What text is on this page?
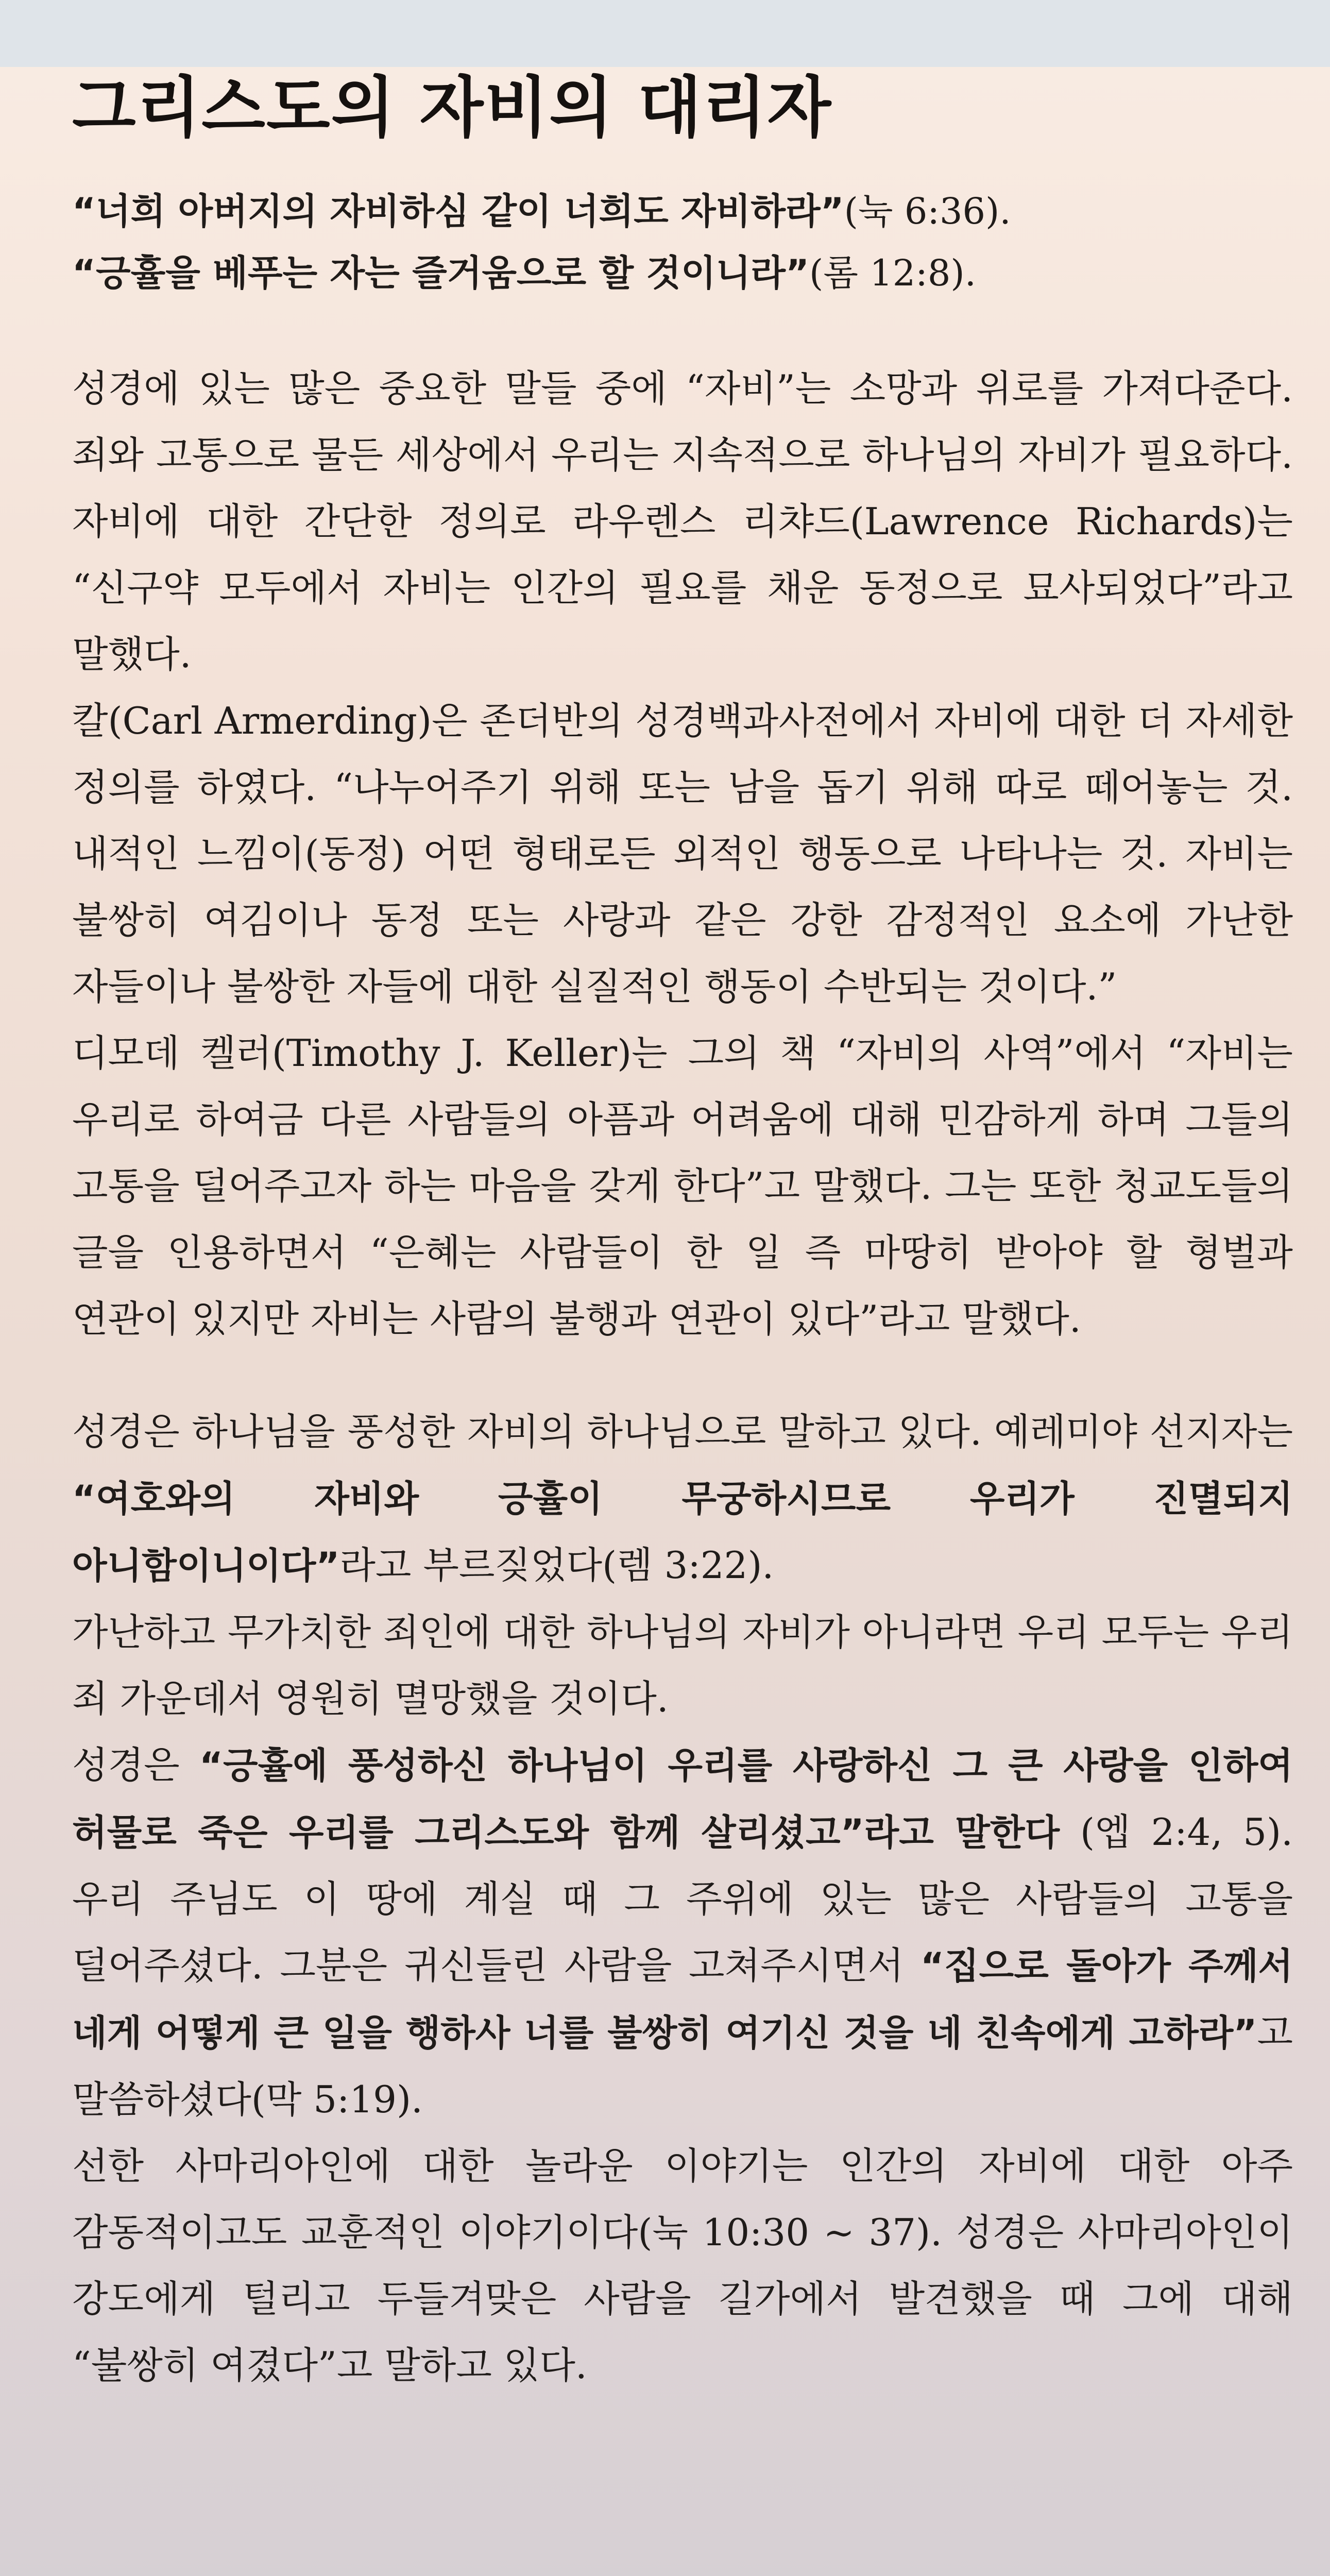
그리스도의 자비의 대리자
“너희 아버지의 자비하심 같이 너희도 자비하라”(눅 6:36).
“긍휼을 베푸는 자는 즐거움으로 할 것이니라”(롬 12:8).
성경에 있는 많은 중요한 말들 중에 “자비”는 소망과 위로를 가져다준다. 죄와 고통으로 물든 세상에서 우리는 지속적으로 하나님의 자비가 필요하다. 자비에 대한 간단한 정의로 라우렌스 리챠드(Lawrence Richards)는 “신구약 모두에서 자비는 인간의 필요를 채운 동정으로 묘사되었다”라고 말했다.
칼(Carl Armerding)은 존더반의 성경백과사전에서 자비에 대한 더 자세한 정의를 하였다. “나누어주기 위해 또는 남을 돕기 위해 따로 떼어놓는 것. 내적인 느낌이(동정) 어떤 형태로든 외적인 행동으로 나타나는 것. 자비는 불쌍히 여김이나 동정 또는 사랑과 같은 강한 감정적인 요소에 가난한 자들이나 불쌍한 자들에 대한 실질적인 행동이 수반되는 것이다.”
디모데 켈러(Timothy J. Keller)는 그의 책 “자비의 사역”에서 “자비는 우리로 하여금 다른 사람들의 아픔과 어려움에 대해 민감하게 하며 그들의 고통을 덜어주고자 하는 마음을 갖게 한다”고 말했다. 그는 또한 청교도들의 글을 인용하면서 “은혜는 사람들이 한 일 즉 마땅히 받아야 할 형벌과 연관이 있지만 자비는 사람의 불행과 연관이 있다”라고 말했다.
성경은 하나님을 풍성한 자비의 하나님으로 말하고 있다. 예레미야 선지자는 “여호와의 자비와 긍휼이 무궁하시므로 우리가 진멸되지 아니함이니이다”라고 부르짖었다(렘 3:22).
가난하고 무가치한 죄인에 대한 하나님의 자비가 아니라면 우리 모두는 우리 죄 가운데서 영원히 멸망했을 것이다.
성경은 “긍휼에 풍성하신 하나님이 우리를 사랑하신 그 큰 사랑을 인하여 허물로 죽은 우리를 그리스도와 함께 살리셨고”라고 말한다 (엡 2:4, 5). 우리 주님도 이 땅에 계실 때 그 주위에 있는 많은 사람들의 고통을 덜어주셨다. 그분은 귀신들린 사람을 고쳐주시면서 “집으로 돌아가 주께서 네게 어떻게 큰 일을 행하사 너를 불쌍히 여기신 것을 네 친속에게 고하라”고 말씀하셨다(막 5:19).
선한 사마리아인에 대한 놀라운 이야기는 인간의 자비에 대한 아주 감동적이고도 교훈적인 이야기이다(눅 10:30 ~ 37). 성경은 사마리아인이 강도에게 털리고 두들겨맞은 사람을 길가에서 발견했을 때 그에 대해 “불쌍히 여겼다”고 말하고 있다.
